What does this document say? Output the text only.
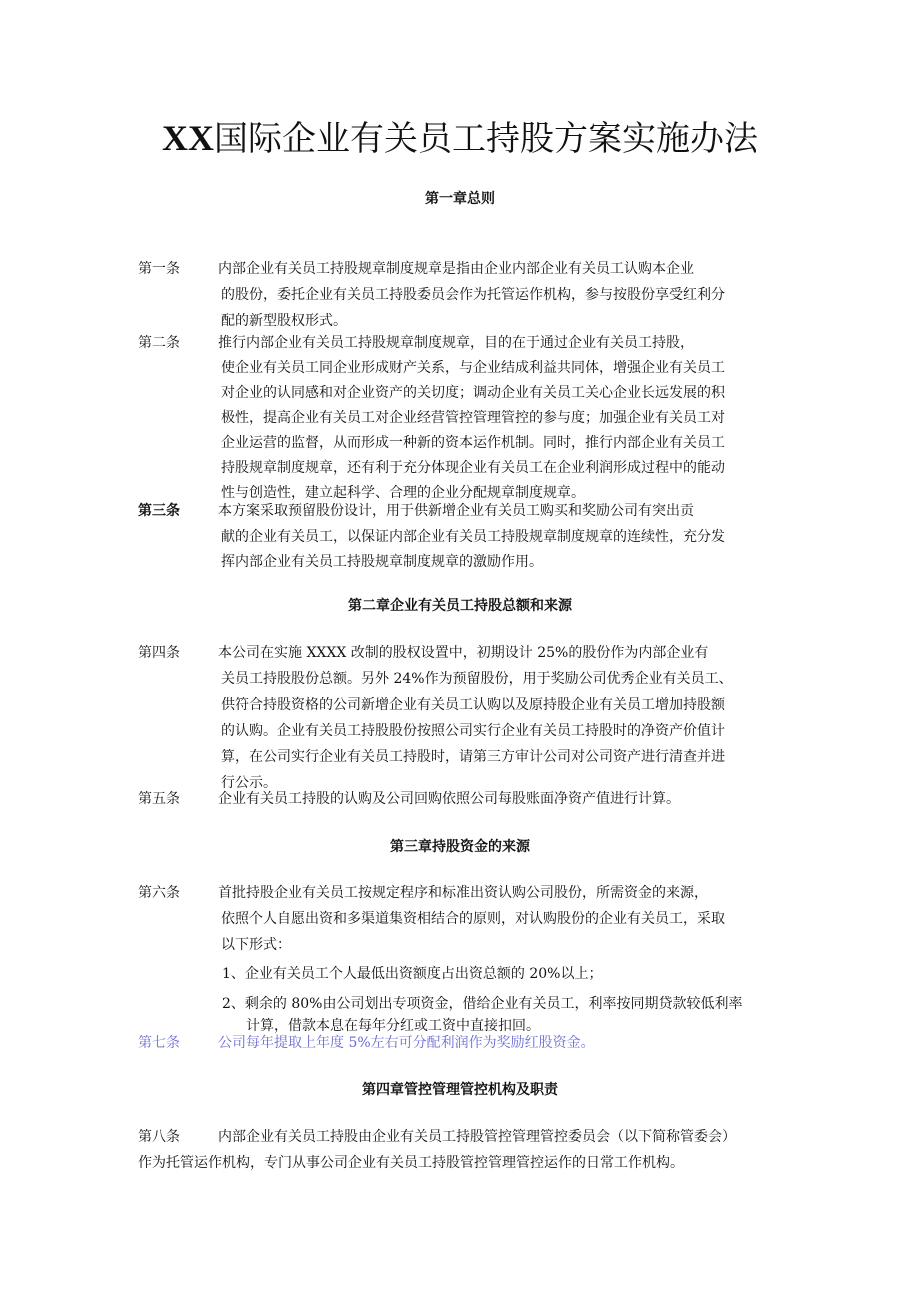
XX国际企业有关员工持股方案实施办法
第一章总则
第一条	内部企业有关员工持股规章制度规章是指由企业内部企业有关员工认购本企业
的股份，委托企业有关员工持股委员会作为托管运作机构，参与按股份享受红利分
配的新型股权形式。
第二条	推行内部企业有关员工持股规章制度规章，目的在于通过企业有关员工持股，
使企业有关员工同企业形成财产关系，与企业结成利益共同体，增强企业有关员工
对企业的认同感和对企业资产的关切度；调动企业有关员工关心企业长远发展的积
极性，提高企业有关员工对企业经营管控管理管控的参与度；加强企业有关员工对
企业运营的监督，从而形成一种新的资本运作机制。同时，推行内部企业有关员工
持股规章制度规章，还有利于充分体现企业有关员工在企业利润形成过程中的能动
性与创造性，建立起科学、合理的企业分配规章制度规章。
第三条	本方案采取预留股份设计，用于供新增企业有关员工购买和奖励公司有突出贡
献的企业有关员工，以保证内部企业有关员工持股规章制度规章的连续性，充分发
挥内部企业有关员工持股规章制度规章的激励作用。
第二章企业有关员工持股总额和来源
第四条	本公司在实施 XXXX 改制的股权设置中，初期设计 25%的股份作为内部企业有
关员工持股股份总额。另外 24%作为预留股份，用于奖励公司优秀企业有关员工、
供符合持股资格的公司新增企业有关员工认购以及原持股企业有关员工增加持股额
的认购。企业有关员工持股股份按照公司实行企业有关员工持股时的净资产价值计
算，在公司实行企业有关员工持股时，请第三方审计公司对公司资产进行清查并进
行公示。
第五条	企业有关员工持股的认购及公司回购依照公司每股账面净资产值进行计算。
第三章持股资金的来源
第六条	首批持股企业有关员工按规定程序和标准出资认购公司股份，所需资金的来源，
依照个人自愿出资和多渠道集资相结合的原则，对认购股份的企业有关员工，采取
以下形式：
1、企业有关员工个人最低出资额度占出资总额的 20%以上；
2、剩余的 80%由公司划出专项资金，借给企业有关员工，利率按同期贷款较低利率
计算，借款本息在每年分红或工资中直接扣回。
第七条	公司每年提取上年度 5%左右可分配利润作为奖励红股资金。
第四章管控管理管控机构及职责
第八条	内部企业有关员工持股由企业有关员工持股管控管理管控委员会（以下简称管委会）
作为托管运作机构，专门从事公司企业有关员工持股管控管理管控运作的日常工作机构。
